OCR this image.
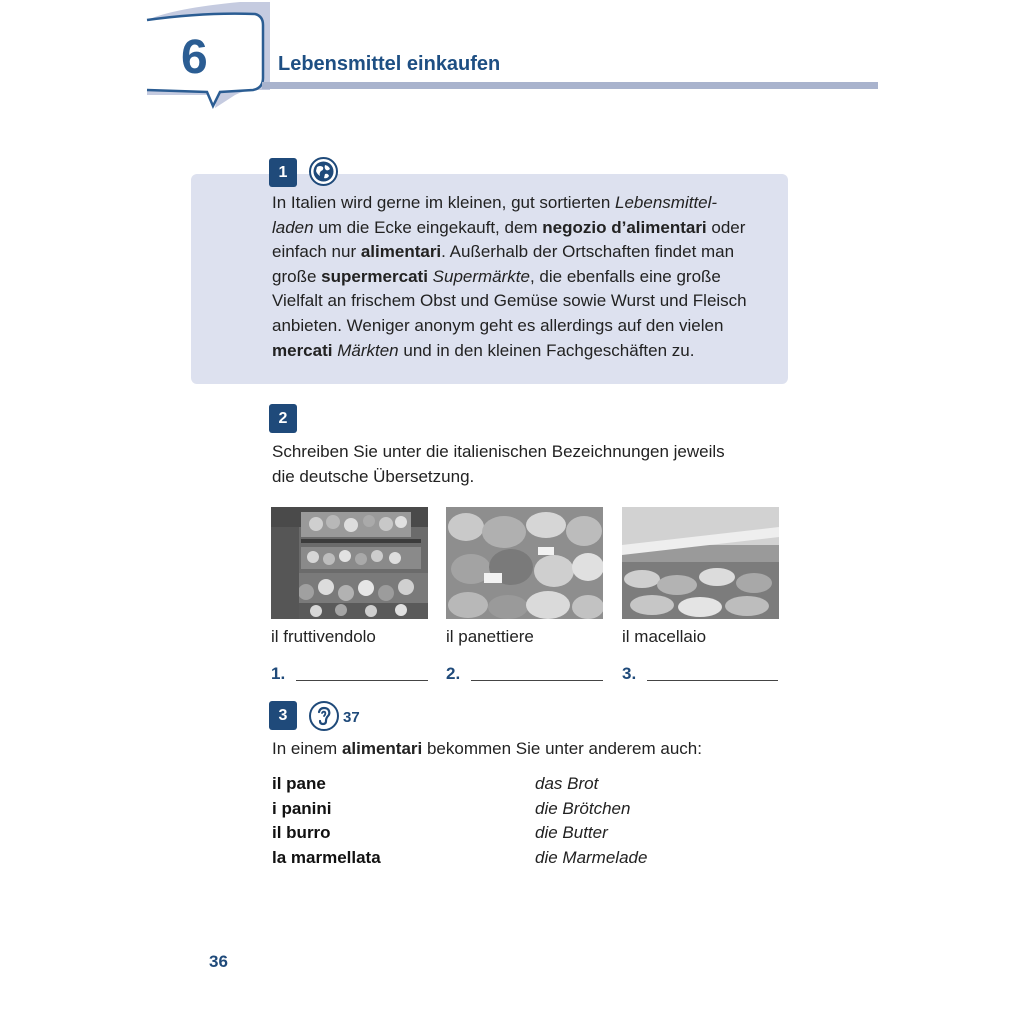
6	Lebensmittel einkaufen
1
In Italien wird gerne im kleinen, gut sortierten Lebensmittel-
laden um die Ecke eingekauft, dem negozio d’alimentari oder
einfach nur alimentari. Außerhalb der Ortschaften findet man
große supermercati Supermärkte, die ebenfalls eine große
Vielfalt an frischem Obst und Gemüse sowie Wurst und Fleisch
anbieten. Weniger anonym geht es allerdings auf den vielen
mercati Märkten und in den kleinen Fachgeschäften zu.
2
Schreiben Sie unter die italienischen Bezeichnungen jeweils
die deutsche Übersetzung.
il fruttivendolo	il panettiere	il macellaio
1.	2.	3.
3	37
In einem alimentari bekommen Sie unter anderem auch:
il pane	das Brot
i panini	die Brötchen
il burro	die Butter
la marmellata	die Marmelade
36
